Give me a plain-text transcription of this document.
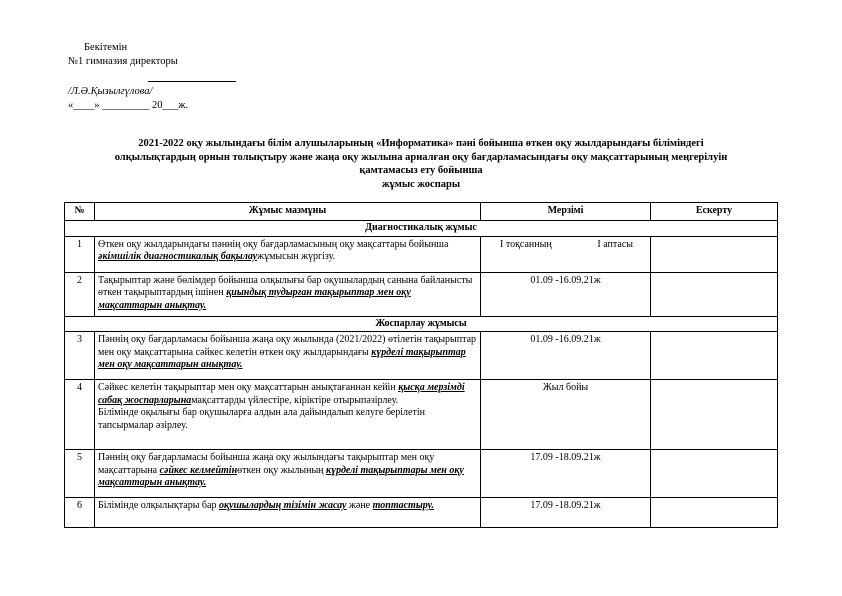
Бекітемін
№1 гимназия директоры
/Л.Ә.Қызылгүлова/
«____» _________ 20___ж.
2021-2022 оқу жылындағы білім алушыларының «Информатика» пәні бойынша өткен оқу жылдарындағы біліміндегі
олқылықтардың орнын толықтыру және жаңа оқу жылына арналған оқу бағдарламасындағы оқу мақсаттарының меңгерілуін
қамтамасыз ету бойынша
жұмыс жоспары
№	Жұмыс мазмұны	Мерзімі	Ескерту
Диагностикалық жұмыс			
1	Өткен оқу жылдарындағы пәннің оқу бағдарламасының оқу мақсаттары бойынша әкімшілік диагностикалық бақылаужұмысын жүргізу.	I тоқсанның I аптасы	

2	Тақырыптар және бөлімдер бойынша олқылығы бар оқушылардың санына байланысты өткен тақырыптардың ішінен қиындық тудырған тақырыптар мен оқу мақсаттарын анықтау.	01.09 -16.09.21ж	
Жоспарлау жұмысы			
3	Пәннің оқу бағдарламасы бойынша жаңа оқу жылында (2021/2022) өтілетін тақырыптар мен оқу мақсаттарына сәйкес келетін өткен оқу жылдарындағы күрделі тақырыптар мен оқу мақсаттарын анықтау.	01.09 -16.09.21ж	
4	Сәйкес келетін тақырыптар мен оқу мақсаттарын анықтағаннан кейін қысқа мерзімді сабақ жоспарларынамақсаттарды үйлестіре, кіріктіре отырыпәзірлеу.
Білімінде оқылығы бар оқушыларға алдын ала дайындалып келуге берілетін тапсырмалар әзірлеу.	Жыл бойы	
5	Пәннің оқу бағдарламасы бойынша жаңа оқу жылындағы тақырыптар мен оқу мақсаттарына сәйкес келмейтінөткен оқу жылының күрделі тақырыптары мен оқу мақсаттарын анықтау.	17.09 -18.09.21ж	
6	Білімінде олқылықтары бар оқушылардың тізімін жасау және топтастыру.	17.09 -18.09.21ж	
